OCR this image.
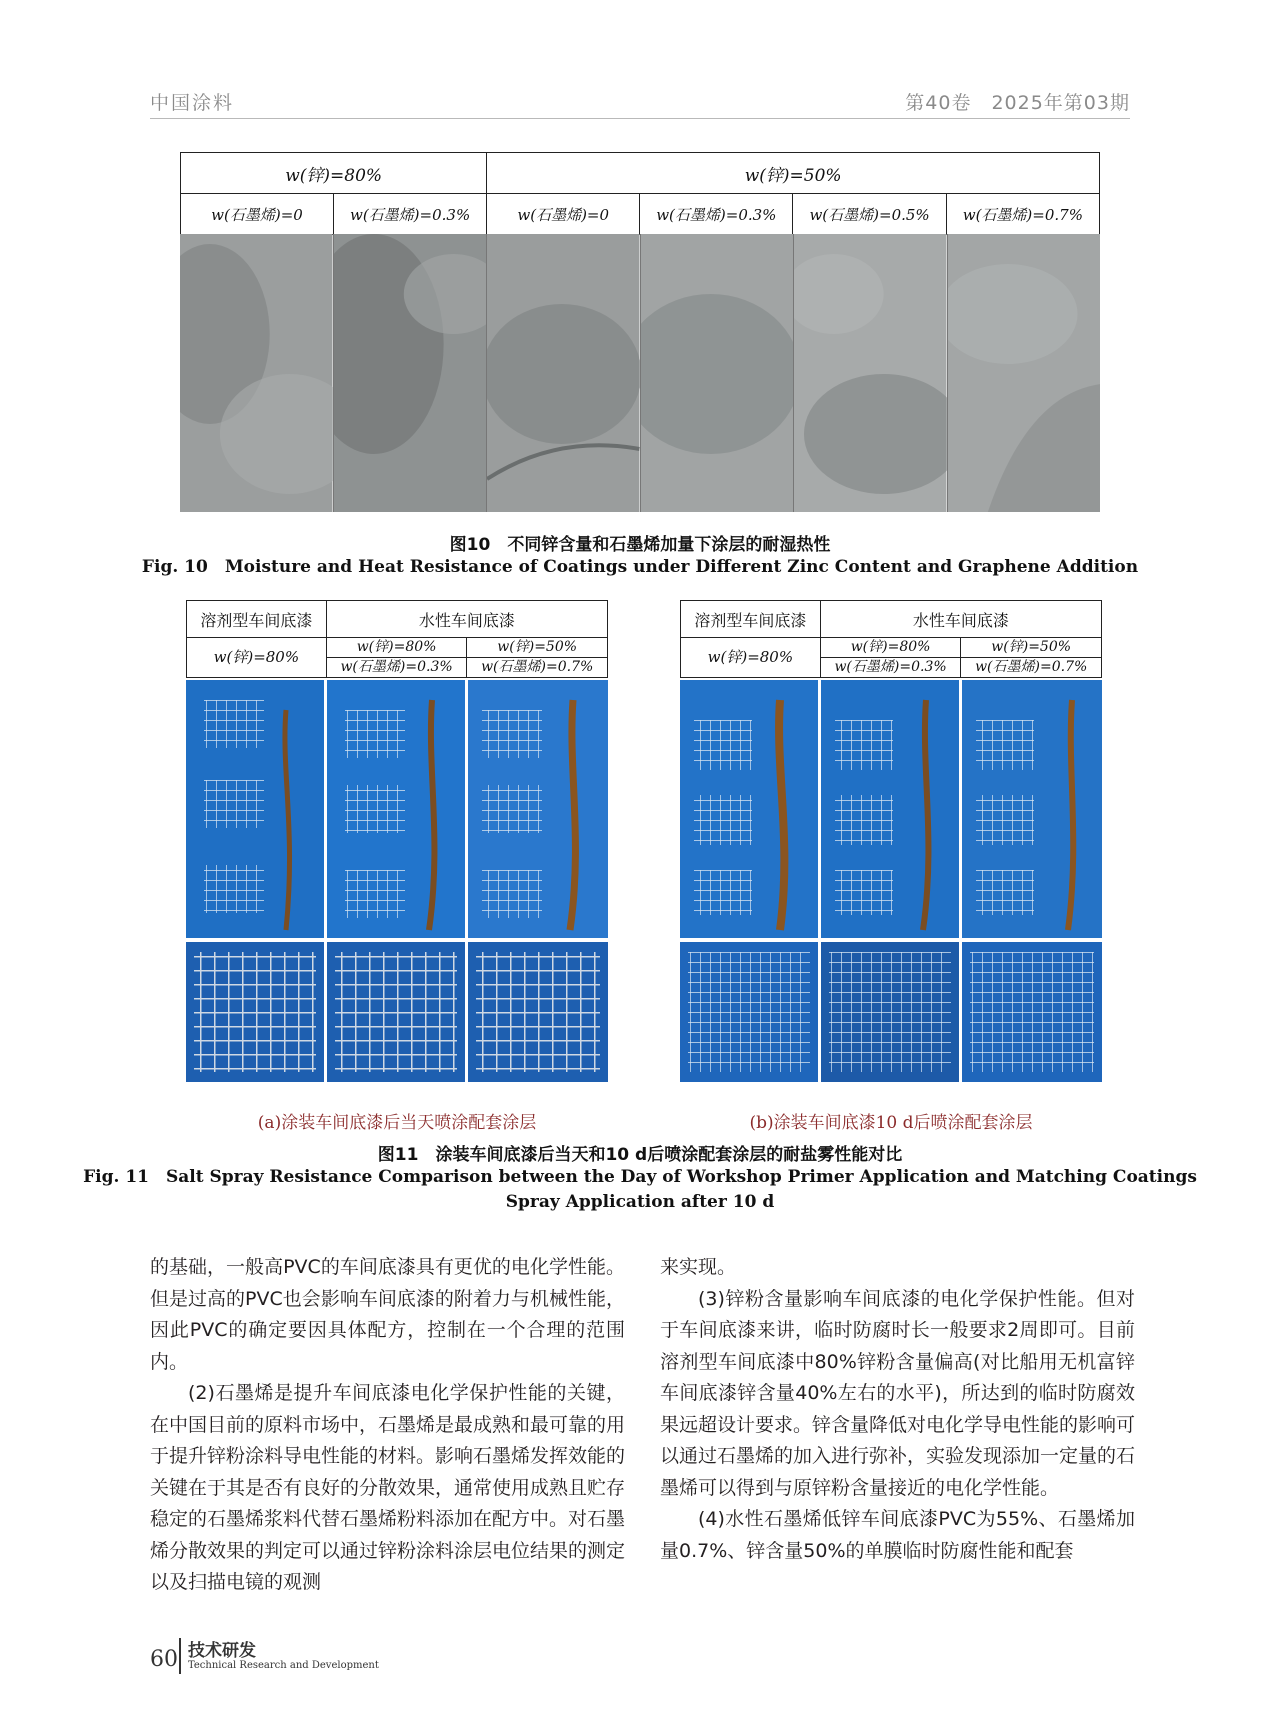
中国涂料	第40卷　2025年第03期
w(锌)=80%		w(锌)=50%			
w(石墨烯)=0	w(石墨烯)=0.3%	w(石墨烯)=0	w(石墨烯)=0.3%	w(石墨烯)=0.5%	w(石墨烯)=0.7%
图10　不同锌含量和石墨烯加量下涂层的耐湿热性
Fig. 10　Moisture and Heat Resistance of Coatings under Different Zinc Content and Graphene Addition
溶剂型车间底漆	水性车间底漆	
w(锌)=80%	w(锌)=80%	w(锌)=50%
	w(石墨烯)=0.3%	w(石墨烯)=0.7%
溶剂型车间底漆	水性车间底漆	
w(锌)=80%	w(锌)=80%	w(锌)=50%
	w(石墨烯)=0.3%	w(石墨烯)=0.7%
(a)涂装车间底漆后当天喷涂配套涂层	(b)涂装车间底漆10 d后喷涂配套涂层
图11　涂装车间底漆后当天和10 d后喷涂配套涂层的耐盐雾性能对比
Fig. 11　Salt Spray Resistance Comparison between the Day of Workshop Primer Application and Matching Coatings
Spray Application after 10 d

的基础，一般高PVC的车间底漆具有更优的电化学性能。但是过高的PVC也会影响车间底漆的附着力与机械性能，因此PVC的确定要因具体配方，控制在一个合理的范围内。

(2)石墨烯是提升车间底漆电化学保护性能的关键，在中国目前的原料市场中，石墨烯是最成熟和最可靠的用于提升锌粉涂料导电性能的材料。影响石墨烯发挥效能的关键在于其是否有良好的分散效果，通常使用成熟且贮存稳定的石墨烯浆料代替石墨烯粉料添加在配方中。对石墨烯分散效果的判定可以通过锌粉涂料涂层电位结果的测定以及扫描电镜的观测

来实现。

(3)锌粉含量影响车间底漆的电化学保护性能。但对于车间底漆来讲，临时防腐时长一般要求2周即可。目前溶剂型车间底漆中80%锌粉含量偏高(对比船用无机富锌车间底漆锌含量40%左右的水平)，所达到的临时防腐效果远超设计要求。锌含量降低对电化学导电性能的影响可以通过石墨烯的加入进行弥补，实验发现添加一定量的石墨烯可以得到与原锌粉含量接近的电化学性能。

(4)水性石墨烯低锌车间底漆PVC为55%、石墨烯加量0.7%、锌含量50%的单膜临时防腐性能和配套

60 技术研发
Technical Research and Development
